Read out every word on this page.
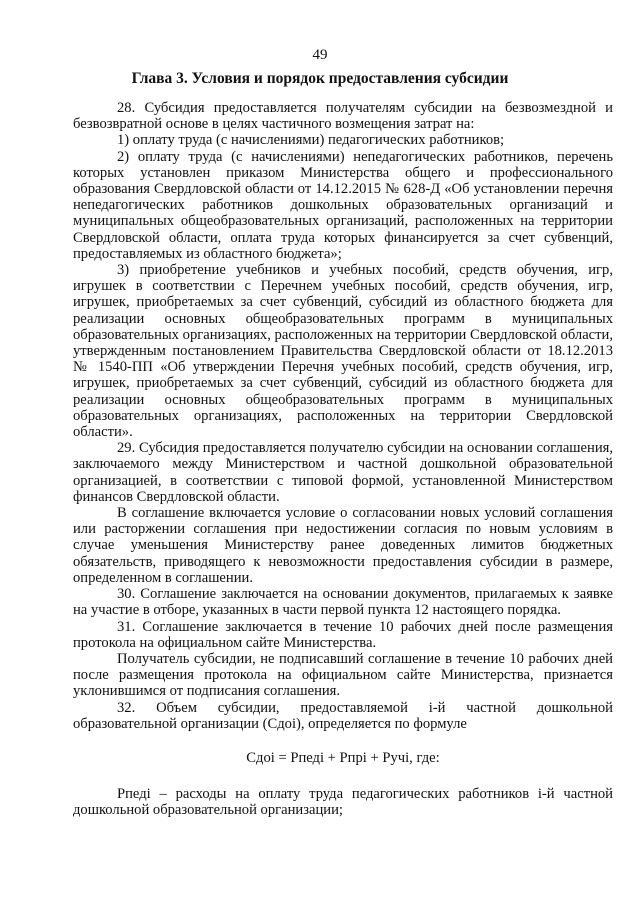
49
Глава 3. Условия и порядок предоставления субсидии

28. Субсидия предоставляется получателям субсидии на безвозмездной и безвозвратной основе в целях частичного возмещения затрат на:

1) оплату труда (с начислениями) педагогических работников;

2) оплату труда (с начислениями) непедагогических работников, перечень которых установлен приказом Министерства общего и профессионального образования Свердловской области от 14.12.2015 № 628-Д «Об установлении перечня непедагогических работников дошкольных образовательных организаций и муниципальных общеобразовательных организаций, расположенных на территории Свердловской области, оплата труда которых финансируется за счет субвенций, предоставляемых из областного бюджета»;

3) приобретение учебников и учебных пособий, средств обучения, игр, игрушек в соответствии с Перечнем учебных пособий, средств обучения, игр, игрушек, приобретаемых за счет субвенций, субсидий из областного бюджета для реализации основных общеобразовательных программ в муниципальных образовательных организациях, расположенных на территории Свердловской области, утвержденным постановлением Правительства Свердловской области от 18.12.2013 № 1540-ПП «Об утверждении Перечня учебных пособий, средств обучения, игр, игрушек, приобретаемых за счет субвенций, субсидий из областного бюджета для реализации основных общеобразовательных программ в муниципальных образовательных организациях, расположенных на территории Свердловской области».

29. Субсидия предоставляется получателю субсидии на основании соглашения, заключаемого между Министерством и частной дошкольной образовательной организацией, в соответствии с типовой формой, установленной Министерством финансов Свердловской области.

В соглашение включается условие о согласовании новых условий соглашения или расторжении соглашения при недостижении согласия по новым условиям в случае уменьшения Министерству ранее доведенных лимитов бюджетных обязательств, приводящего к невозможности предоставления субсидии в размере, определенном в соглашении.

30. Соглашение заключается на основании документов, прилагаемых к заявке на участие в отборе, указанных в части первой пункта 12 настоящего порядка.

31. Соглашение заключается в течение 10 рабочих дней после размещения протокола на официальном сайте Министерства.

Получатель субсидии, не подписавший соглашение в течение 10 рабочих дней после размещения протокола на официальном сайте Министерства, признается уклонившимся от подписания соглашения.

32. Объем субсидии, предоставляемой i-й частной дошкольной образовательной организации (Сдоі), определяется по формуле

Сдоі = Рпеді + Рпрі + Ручі, где:

Рпеді – расходы на оплату труда педагогических работников і-й частной дошкольной образовательной организации;
